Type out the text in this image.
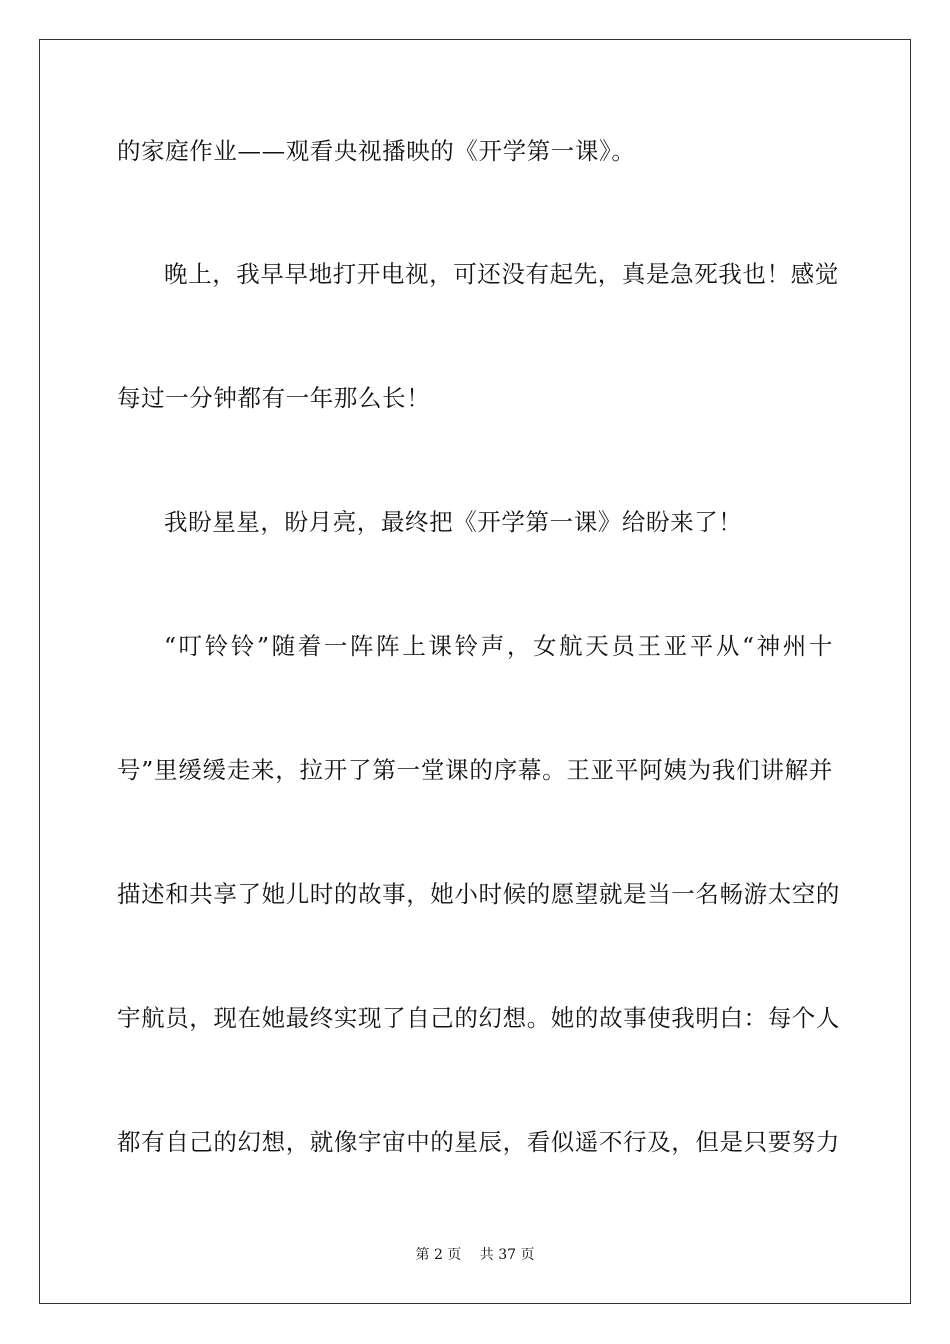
的家庭作业——观看央视播映的《开学第一课》。
晚上，我早早地打开电视，可还没有起先，真是急死我也！感觉
每过一分钟都有一年那么长！
我盼星星，盼月亮，最终把《开学第一课》给盼来了！
“叮铃铃”随着一阵阵上课铃声，女航天员王亚平从“神州十
号”里缓缓走来，拉开了第一堂课的序幕。王亚平阿姨为我们讲解并
描述和共享了她儿时的故事，她小时候的愿望就是当一名畅游太空的
宇航员，现在她最终实现了自己的幻想。她的故事使我明白：每个人
都有自己的幻想，就像宇宙中的星辰，看似遥不行及，但是只要努力
第 2 页　 共 37 页
